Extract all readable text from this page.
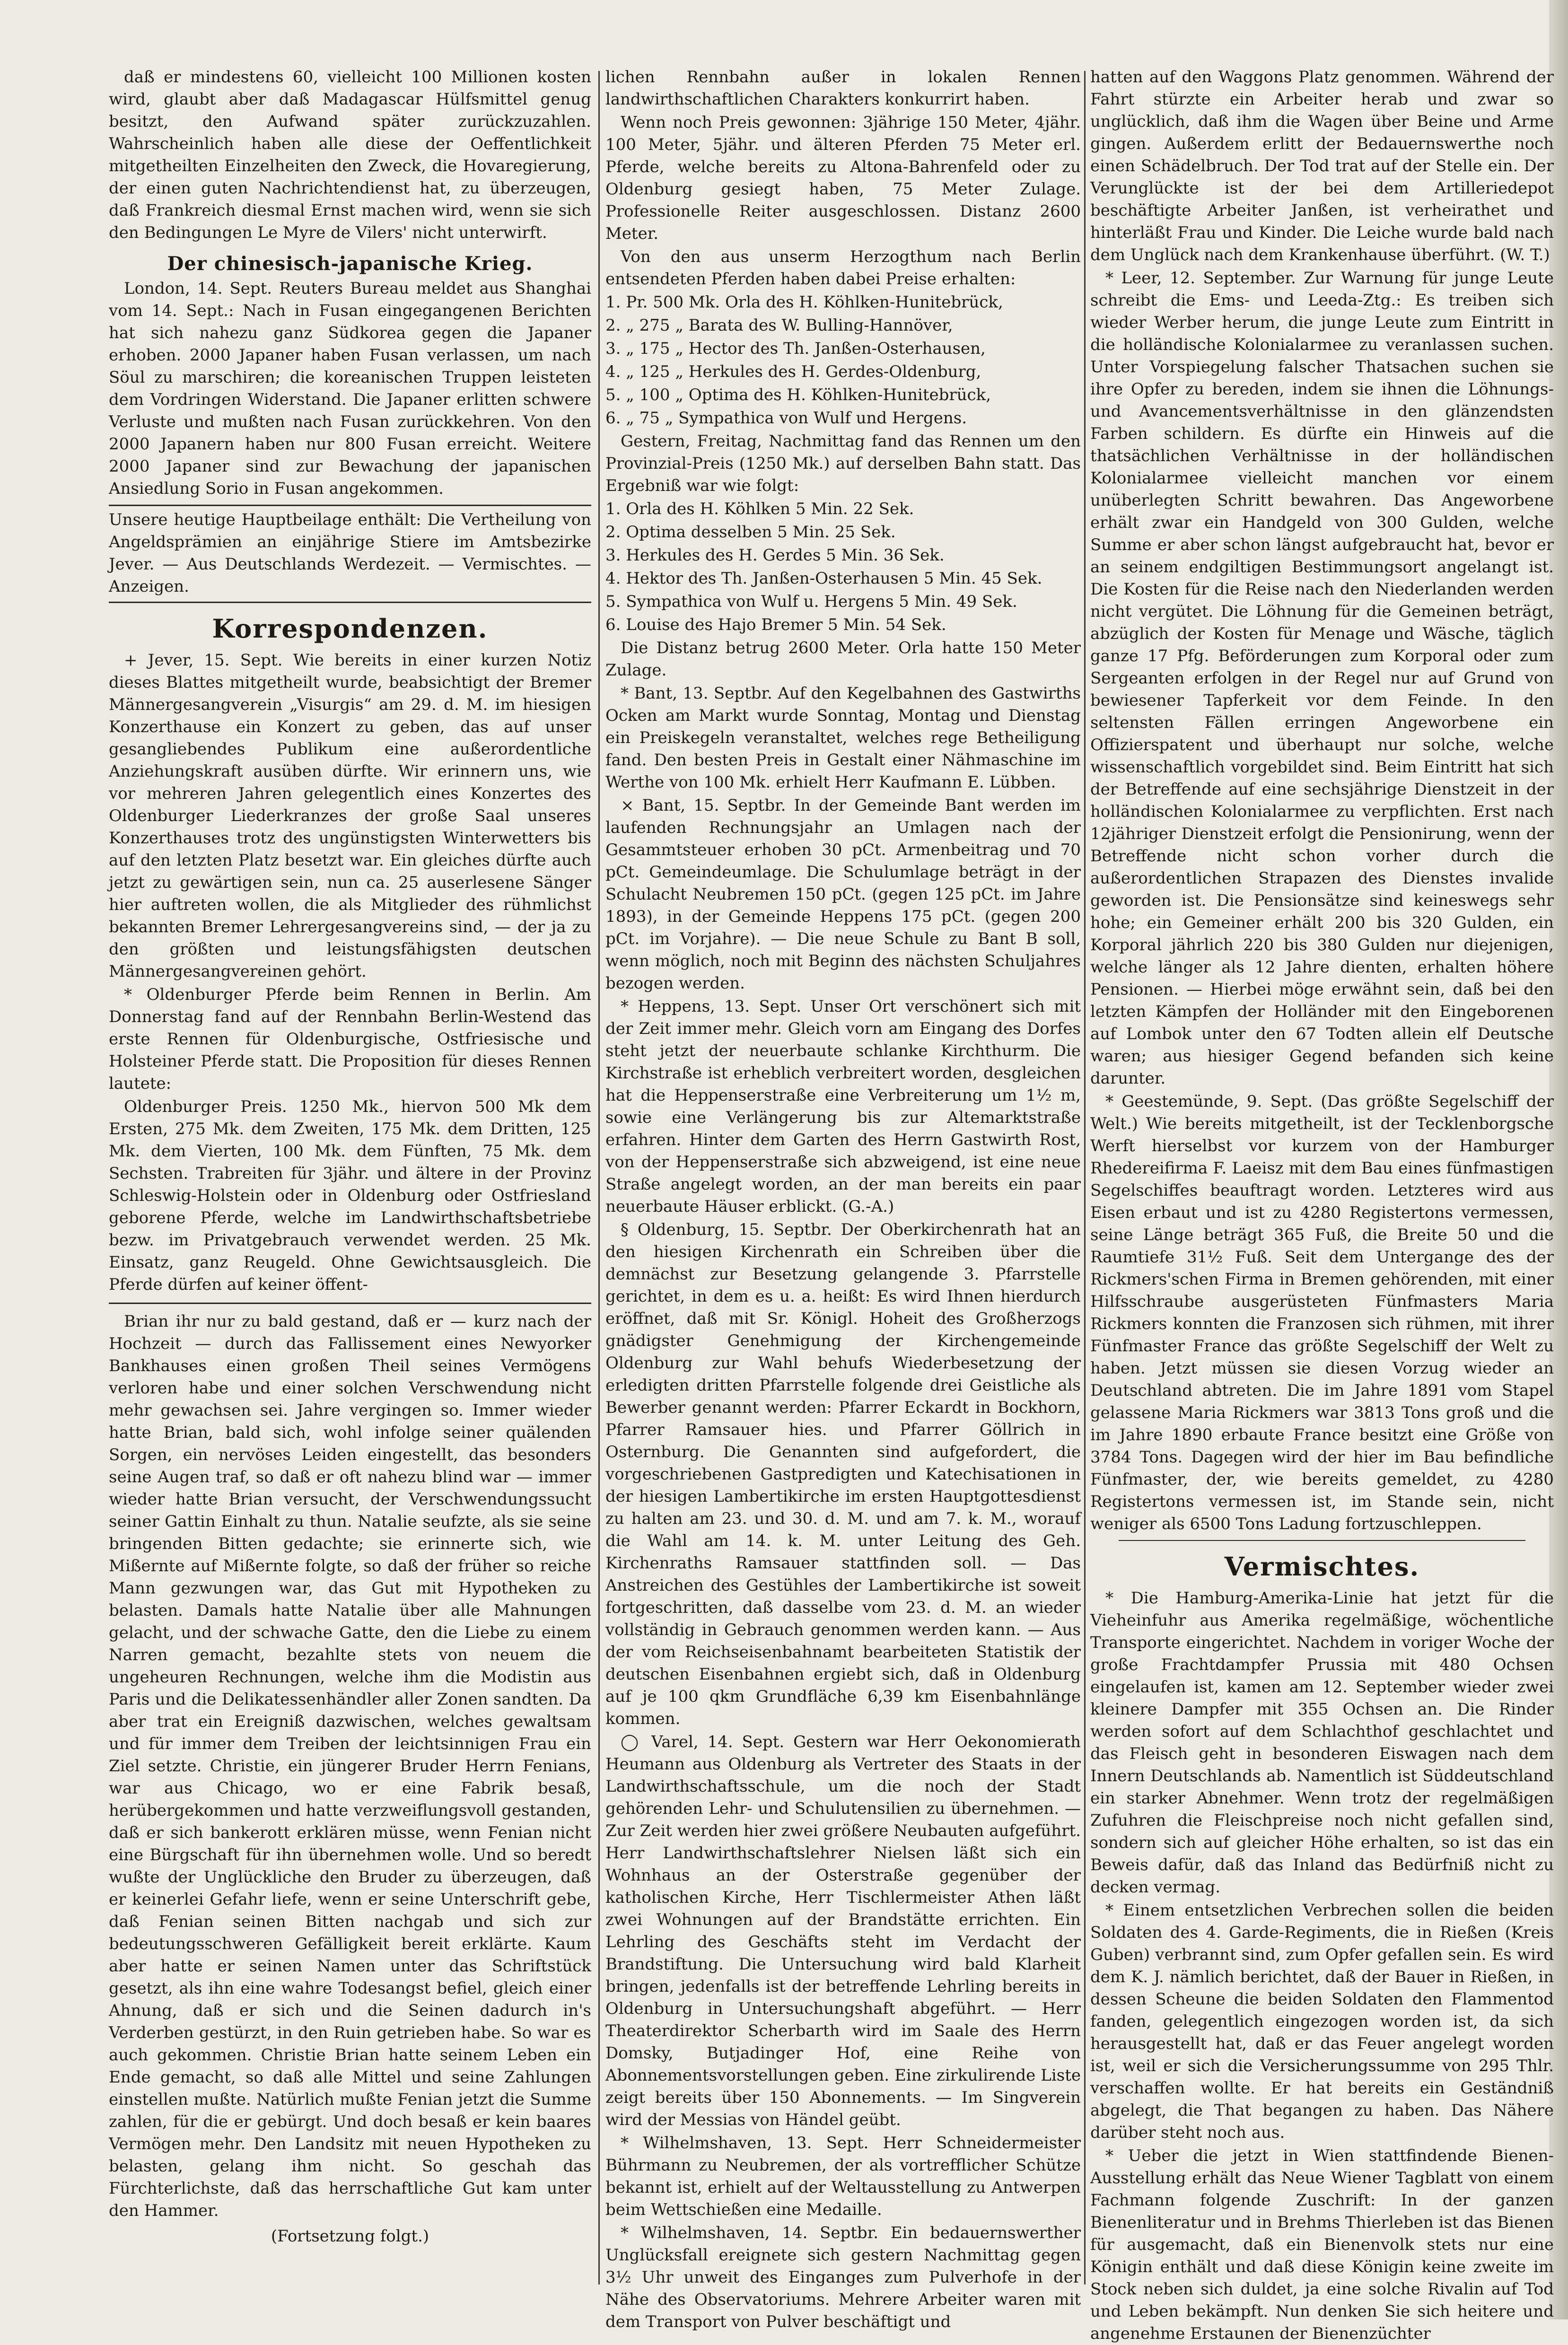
daß er mindestens 60, vielleicht 100 Millionen kosten wird, glaubt aber daß Madagascar Hülfsmittel genug besitzt, den Aufwand später zurückzuzahlen. Wahrscheinlich haben alle diese der Oeffentlichkeit mitgetheilten Einzelheiten den Zweck, die Hovaregierung, der einen guten Nachrichtendienst hat, zu überzeugen, daß Frankreich diesmal Ernst machen wird, wenn sie sich den Bedingungen Le Myre de Vilers' nicht unterwirft.

Der chinesisch-japanische Krieg.

London, 14. Sept. Reuters Bureau meldet aus Shanghai vom 14. Sept.: Nach in Fusan eingegangenen Berichten hat sich nahezu ganz Südkorea gegen die Japaner erhoben. 2000 Japaner haben Fusan verlassen, um nach Söul zu marschiren; die koreanischen Truppen leisteten dem Vordringen Widerstand. Die Japaner erlitten schwere Verluste und mußten nach Fusan zurückkehren. Von den 2000 Japanern haben nur 800 Fusan erreicht. Weitere 2000 Japaner sind zur Bewachung der japanischen Ansiedlung Sorio in Fusan angekommen.

Unsere heutige Hauptbeilage enthält: Die Vertheilung von Angeldsprämien an einjährige Stiere im Amtsbezirke Jever. — Aus Deutschlands Werdezeit. — Vermischtes. — Anzeigen.

Korrespondenzen.

+ Jever, 15. Sept. Wie bereits in einer kurzen Notiz dieses Blattes mitgetheilt wurde, beabsichtigt der Bremer Männergesangverein „Visurgis“ am 29. d. M. im hiesigen Konzerthause ein Konzert zu geben, das auf unser gesangliebendes Publikum eine außerordentliche Anziehungskraft ausüben dürfte. Wir erinnern uns, wie vor mehreren Jahren gelegentlich eines Konzertes des Oldenburger Liederkranzes der große Saal unseres Konzerthauses trotz des ungünstigsten Winterwetters bis auf den letzten Platz besetzt war. Ein gleiches dürfte auch jetzt zu gewärtigen sein, nun ca. 25 auserlesene Sänger hier auftreten wollen, die als Mitglieder des rühmlichst bekannten Bremer Lehrergesangvereins sind, — der ja zu den größten und leistungsfähigsten deutschen Männergesangvereinen gehört.

* Oldenburger Pferde beim Rennen in Berlin. Am Donnerstag fand auf der Rennbahn Berlin-Westend das erste Rennen für Oldenburgische, Ostfriesische und Holsteiner Pferde statt. Die Proposition für dieses Rennen lautete:

Oldenburger Preis. 1250 Mk., hiervon 500 Mk dem Ersten, 275 Mk. dem Zweiten, 175 Mk. dem Dritten, 125 Mk. dem Vierten, 100 Mk. dem Fünften, 75 Mk. dem Sechsten. Trabreiten für 3jähr. und ältere in der Provinz Schleswig-Holstein oder in Oldenburg oder Ostfriesland geborene Pferde, welche im Landwirthschaftsbetriebe bezw. im Privatgebrauch verwendet werden. 25 Mk. Einsatz, ganz Reugeld. Ohne Gewichtsausgleich. Die Pferde dürfen auf keiner öffent-

Brian ihr nur zu bald gestand, daß er — kurz nach der Hochzeit — durch das Fallissement eines Newyorker Bankhauses einen großen Theil seines Vermögens verloren habe und einer solchen Verschwendung nicht mehr gewachsen sei. Jahre vergingen so. Immer wieder hatte Brian, bald sich, wohl infolge seiner quälenden Sorgen, ein nervöses Leiden eingestellt, das besonders seine Augen traf, so daß er oft nahezu blind war — immer wieder hatte Brian versucht, der Verschwendungssucht seiner Gattin Einhalt zu thun. Natalie seufzte, als sie seine bringenden Bitten gedachte; sie erinnerte sich, wie Mißernte auf Mißernte folgte, so daß der früher so reiche Mann gezwungen war, das Gut mit Hypotheken zu belasten. Damals hatte Natalie über alle Mahnungen gelacht, und der schwache Gatte, den die Liebe zu einem Narren gemacht, bezahlte stets von neuem die ungeheuren Rechnungen, welche ihm die Modistin aus Paris und die Delikatessenhändler aller Zonen sandten. Da aber trat ein Ereigniß dazwischen, welches gewaltsam und für immer dem Treiben der leichtsinnigen Frau ein Ziel setzte. Christie, ein jüngerer Bruder Herrn Fenians, war aus Chicago, wo er eine Fabrik besaß, herübergekommen und hatte verzweiflungsvoll gestanden, daß er sich bankerott erklären müsse, wenn Fenian nicht eine Bürgschaft für ihn übernehmen wolle. Und so beredt wußte der Unglückliche den Bruder zu überzeugen, daß er keinerlei Gefahr liefe, wenn er seine Unterschrift gebe, daß Fenian seinen Bitten nachgab und sich zur bedeutungsschweren Gefälligkeit bereit erklärte. Kaum aber hatte er seinen Namen unter das Schriftstück gesetzt, als ihn eine wahre Todesangst befiel, gleich einer Ahnung, daß er sich und die Seinen dadurch in's Verderben gestürzt, in den Ruin getrieben habe. So war es auch gekommen. Christie Brian hatte seinem Leben ein Ende gemacht, so daß alle Mittel und seine Zahlungen einstellen mußte. Natürlich mußte Fenian jetzt die Summe zahlen, für die er gebürgt. Und doch besaß er kein baares Vermögen mehr. Den Landsitz mit neuen Hypotheken zu belasten, gelang ihm nicht. So geschah das Fürchterlichste, daß das herrschaftliche Gut kam unter den Hammer.

(Fortsetzung folgt.)

lichen Rennbahn außer in lokalen Rennen landwirthschaftlichen Charakters konkurrirt haben.

Wenn noch Preis gewonnen: 3jährige 150 Meter, 4jähr. 100 Meter, 5jähr. und älteren Pferden 75 Meter erl. Pferde, welche bereits zu Altona-Bahrenfeld oder zu Oldenburg gesiegt haben, 75 Meter Zulage. Professionelle Reiter ausgeschlossen. Distanz 2600 Meter.

Von den aus unserm Herzogthum nach Berlin entsendeten Pferden haben dabei Preise erhalten:

1. Pr. 500 Mk. Orla des H. Köhlken-Hunitebrück,

2. „ 275 „ Barata des W. Bulling-Hannöver,

3. „ 175 „ Hector des Th. Janßen-Osterhausen,

4. „ 125 „ Herkules des H. Gerdes-Oldenburg,

5. „ 100 „ Optima des H. Köhlken-Hunitebrück,

6. „ 75 „ Sympathica von Wulf und Hergens.

Gestern, Freitag, Nachmittag fand das Rennen um den Provinzial-Preis (1250 Mk.) auf derselben Bahn statt. Das Ergebniß war wie folgt:

1. Orla des H. Köhlken 5 Min. 22 Sek.

2. Optima desselben 5 Min. 25 Sek.

3. Herkules des H. Gerdes 5 Min. 36 Sek.

4. Hektor des Th. Janßen-Osterhausen 5 Min. 45 Sek.

5. Sympathica von Wulf u. Hergens 5 Min. 49 Sek.

6. Louise des Hajo Bremer 5 Min. 54 Sek.

Die Distanz betrug 2600 Meter. Orla hatte 150 Meter Zulage.

* Bant, 13. Septbr. Auf den Kegelbahnen des Gastwirths Ocken am Markt wurde Sonntag, Montag und Dienstag ein Preiskegeln veranstaltet, welches rege Betheiligung fand. Den besten Preis in Gestalt einer Nähmaschine im Werthe von 100 Mk. erhielt Herr Kaufmann E. Lübben.

× Bant, 15. Septbr. In der Gemeinde Bant werden im laufenden Rechnungsjahr an Umlagen nach der Gesammtsteuer erhoben 30 pCt. Armenbeitrag und 70 pCt. Gemeindeumlage. Die Schulumlage beträgt in der Schulacht Neubremen 150 pCt. (gegen 125 pCt. im Jahre 1893), in der Gemeinde Heppens 175 pCt. (gegen 200 pCt. im Vorjahre). — Die neue Schule zu Bant B soll, wenn möglich, noch mit Beginn des nächsten Schuljahres bezogen werden.

* Heppens, 13. Sept. Unser Ort verschönert sich mit der Zeit immer mehr. Gleich vorn am Eingang des Dorfes steht jetzt der neuerbaute schlanke Kirchthurm. Die Kirchstraße ist erheblich verbreitert worden, desgleichen hat die Heppenserstraße eine Verbreiterung um 1½ m, sowie eine Verlängerung bis zur Altemarktstraße erfahren. Hinter dem Garten des Herrn Gastwirth Rost, von der Heppenserstraße sich abzweigend, ist eine neue Straße angelegt worden, an der man bereits ein paar neuerbaute Häuser erblickt. (G.-A.)

§ Oldenburg, 15. Septbr. Der Oberkirchenrath hat an den hiesigen Kirchenrath ein Schreiben über die demnächst zur Besetzung gelangende 3. Pfarrstelle gerichtet, in dem es u. a. heißt: Es wird Ihnen hierdurch eröffnet, daß mit Sr. Königl. Hoheit des Großherzogs gnädigster Genehmigung der Kirchengemeinde Oldenburg zur Wahl behufs Wiederbesetzung der erledigten dritten Pfarrstelle folgende drei Geistliche als Bewerber genannt werden: Pfarrer Eckardt in Bockhorn, Pfarrer Ramsauer hies. und Pfarrer Göllrich in Osternburg. Die Genannten sind aufgefordert, die vorgeschriebenen Gastpredigten und Katechisationen in der hiesigen Lambertikirche im ersten Hauptgottesdienst zu halten am 23. und 30. d. M. und am 7. k. M., worauf die Wahl am 14. k. M. unter Leitung des Geh. Kirchenraths Ramsauer stattfinden soll. — Das Anstreichen des Gestühles der Lambertikirche ist soweit fortgeschritten, daß dasselbe vom 23. d. M. an wieder vollständig in Gebrauch genommen werden kann. — Aus der vom Reichseisenbahnamt bearbeiteten Statistik der deutschen Eisenbahnen ergiebt sich, daß in Oldenburg auf je 100 qkm Grundfläche 6,39 km Eisenbahnlänge kommen.

◯ Varel, 14. Sept. Gestern war Herr Oekonomierath Heumann aus Oldenburg als Vertreter des Staats in der Landwirthschaftsschule, um die noch der Stadt gehörenden Lehr- und Schulutensilien zu übernehmen. — Zur Zeit werden hier zwei größere Neubauten aufgeführt. Herr Landwirthschaftslehrer Nielsen läßt sich ein Wohnhaus an der Osterstraße gegenüber der katholischen Kirche, Herr Tischlermeister Athen läßt zwei Wohnungen auf der Brandstätte errichten. Ein Lehrling des Geschäfts steht im Verdacht der Brandstiftung. Die Untersuchung wird bald Klarheit bringen, jedenfalls ist der betreffende Lehrling bereits in Oldenburg in Untersuchungshaft abgeführt. — Herr Theaterdirektor Scherbarth wird im Saale des Herrn Domsky, Butjadinger Hof, eine Reihe von Abonnementsvorstellungen geben. Eine zirkulirende Liste zeigt bereits über 150 Abonnements. — Im Singverein wird der Messias von Händel geübt.

* Wilhelmshaven, 13. Sept. Herr Schneidermeister Bührmann zu Neubremen, der als vortrefflicher Schütze bekannt ist, erhielt auf der Weltausstellung zu Antwerpen beim Wettschießen eine Medaille.

* Wilhelmshaven, 14. Septbr. Ein bedauernswerther Unglücksfall ereignete sich gestern Nachmittag gegen 3½ Uhr unweit des Einganges zum Pulverhofe in der Nähe des Observatoriums. Mehrere Arbeiter waren mit dem Transport von Pulver beschäftigt und

hatten auf den Waggons Platz genommen. Während der Fahrt stürzte ein Arbeiter herab und zwar so unglücklich, daß ihm die Wagen über Beine und Arme gingen. Außerdem erlitt der Bedauernswerthe noch einen Schädelbruch. Der Tod trat auf der Stelle ein. Der Verunglückte ist der bei dem Artilleriedepot beschäftigte Arbeiter Janßen, ist verheirathet und hinterläßt Frau und Kinder. Die Leiche wurde bald nach dem Unglück nach dem Krankenhause überführt. (W. T.)

* Leer, 12. September. Zur Warnung für junge Leute schreibt die Ems- und Leeda-Ztg.: Es treiben sich wieder Werber herum, die junge Leute zum Eintritt in die holländische Kolonialarmee zu veranlassen suchen. Unter Vorspiegelung falscher Thatsachen suchen sie ihre Opfer zu bereden, indem sie ihnen die Löhnungs- und Avancementsverhältnisse in den glänzendsten Farben schildern. Es dürfte ein Hinweis auf die thatsächlichen Verhältnisse in der holländischen Kolonialarmee vielleicht manchen vor einem unüberlegten Schritt bewahren. Das Angeworbene erhält zwar ein Handgeld von 300 Gulden, welche Summe er aber schon längst aufgebraucht hat, bevor er an seinem endgiltigen Bestimmungsort angelangt ist. Die Kosten für die Reise nach den Niederlanden werden nicht vergütet. Die Löhnung für die Gemeinen beträgt, abzüglich der Kosten für Menage und Wäsche, täglich ganze 17 Pfg. Beförderungen zum Korporal oder zum Sergeanten erfolgen in der Regel nur auf Grund von bewiesener Tapferkeit vor dem Feinde. In den seltensten Fällen erringen Angeworbene ein Offizierspatent und überhaupt nur solche, welche wissenschaftlich vorgebildet sind. Beim Eintritt hat sich der Betreffende auf eine sechsjährige Dienstzeit in der holländischen Kolonialarmee zu verpflichten. Erst nach 12jähriger Dienstzeit erfolgt die Pensionirung, wenn der Betreffende nicht schon vorher durch die außerordentlichen Strapazen des Dienstes invalide geworden ist. Die Pensionsätze sind keineswegs sehr hohe; ein Gemeiner erhält 200 bis 320 Gulden, ein Korporal jährlich 220 bis 380 Gulden nur diejenigen, welche länger als 12 Jahre dienten, erhalten höhere Pensionen. — Hierbei möge erwähnt sein, daß bei den letzten Kämpfen der Holländer mit den Eingeborenen auf Lombok unter den 67 Todten allein elf Deutsche waren; aus hiesiger Gegend befanden sich keine darunter.

* Geestemünde, 9. Sept. (Das größte Segelschiff der Welt.) Wie bereits mitgetheilt, ist der Tecklenborgsche Werft hierselbst vor kurzem von der Hamburger Rhedereifirma F. Laeisz mit dem Bau eines fünfmastigen Segelschiffes beauftragt worden. Letzteres wird aus Eisen erbaut und ist zu 4280 Registertons vermessen, seine Länge beträgt 365 Fuß, die Breite 50 und die Raumtiefe 31½ Fuß. Seit dem Untergange des der Rickmers'schen Firma in Bremen gehörenden, mit einer Hilfsschraube ausgerüsteten Fünfmasters Maria Rickmers konnten die Franzosen sich rühmen, mit ihrer Fünfmaster France das größte Segelschiff der Welt zu haben. Jetzt müssen sie diesen Vorzug wieder an Deutschland abtreten. Die im Jahre 1891 vom Stapel gelassene Maria Rickmers war 3813 Tons groß und die im Jahre 1890 erbaute France besitzt eine Größe von 3784 Tons. Dagegen wird der hier im Bau befindliche Fünfmaster, der, wie bereits gemeldet, zu 4280 Registertons vermessen ist, im Stande sein, nicht weniger als 6500 Tons Ladung fortzuschleppen.

Vermischtes.

* Die Hamburg-Amerika-Linie hat jetzt für die Vieheinfuhr aus Amerika regelmäßige, wöchentliche Transporte eingerichtet. Nachdem in voriger Woche der große Frachtdampfer Prussia mit 480 Ochsen eingelaufen ist, kamen am 12. September wieder zwei kleinere Dampfer mit 355 Ochsen an. Die Rinder werden sofort auf dem Schlachthof geschlachtet und das Fleisch geht in besonderen Eiswagen nach dem Innern Deutschlands ab. Namentlich ist Süddeutschland ein starker Abnehmer. Wenn trotz der regelmäßigen Zufuhren die Fleischpreise noch nicht gefallen sind, sondern sich auf gleicher Höhe erhalten, so ist das ein Beweis dafür, daß das Inland das Bedürfniß nicht zu decken vermag.

* Einem entsetzlichen Verbrechen sollen die beiden Soldaten des 4. Garde-Regiments, die in Rießen (Kreis Guben) verbrannt sind, zum Opfer gefallen sein. Es wird dem K. J. nämlich berichtet, daß der Bauer in Rießen, in dessen Scheune die beiden Soldaten den Flammentod fanden, gelegentlich eingezogen worden ist, da sich herausgestellt hat, daß er das Feuer angelegt worden ist, weil er sich die Versicherungssumme von 295 Thlr. verschaffen wollte. Er hat bereits ein Geständniß abgelegt, die That begangen zu haben. Das Nähere darüber steht noch aus.

* Ueber die jetzt in Wien stattfindende Bienen-Ausstellung erhält das Neue Wiener Tagblatt von einem Fachmann folgende Zuschrift: In der ganzen Bienenliteratur und in Brehms Thierleben ist das Bienen für ausgemacht, daß ein Bienenvolk stets nur eine Königin enthält und daß diese Königin keine zweite im Stock neben sich duldet, ja eine solche Rivalin auf Tod und Leben bekämpft. Nun denken Sie sich heitere und angenehme Erstaunen der Bienenzüchter
